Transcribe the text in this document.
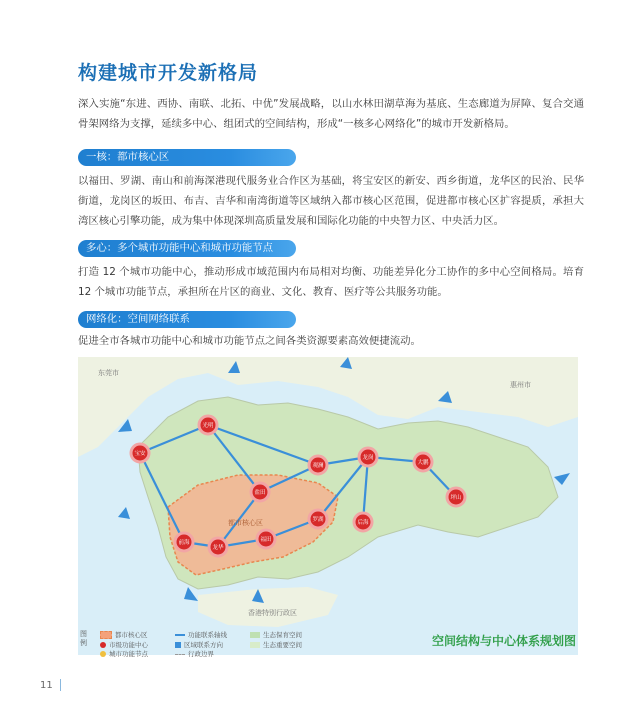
构建城市开发新格局

深入实施“东进、西协、南联、北拓、中优”发展战略，以山水林田湖草海为基底、生态廊道为屏障、复合交通骨架网络为支撑，延续多中心、组团式的空间结构，形成“一核多心网络化”的城市开发新格局。

一核：都市核心区

以福田、罗湖、南山和前海深港现代服务业合作区为基础，将宝安区的新安、西乡街道，龙华区的民治、民华街道，龙岗区的坂田、布吉、吉华和南湾街道等区域纳入都市核心区范围，促进都市核心区扩容提质，承担大湾区核心引擎功能，成为集中体现深圳高质量发展和国际化功能的中央智力区、中央活力区。

多心：多个城市功能中心和城市功能节点

打造 12 个城市功能中心，推动形成市域范围内布局相对均衡、功能差异化分工协作的多中心空间格局。培育 12 个城市功能节点，承担所在片区的商业、文化、教育、医疗等公共服务功能。

网络化：空间网络联系

促进全市各城市功能中心和城市功能节点之间各类资源要素高效便捷流动。

前海
龙华
福田
罗湖
坪山
光明
观澜
龙岗
宝安
大鹏
盐田
后海
东莞市
惠州市
香港特别行政区
都市核心区
图例
都市核心区	功能联系轴线	生态保育空间
市级功能中心	区域联系方向	生态重要空间
城市功能节点	行政边界
空间结构与中心体系规划图
11
